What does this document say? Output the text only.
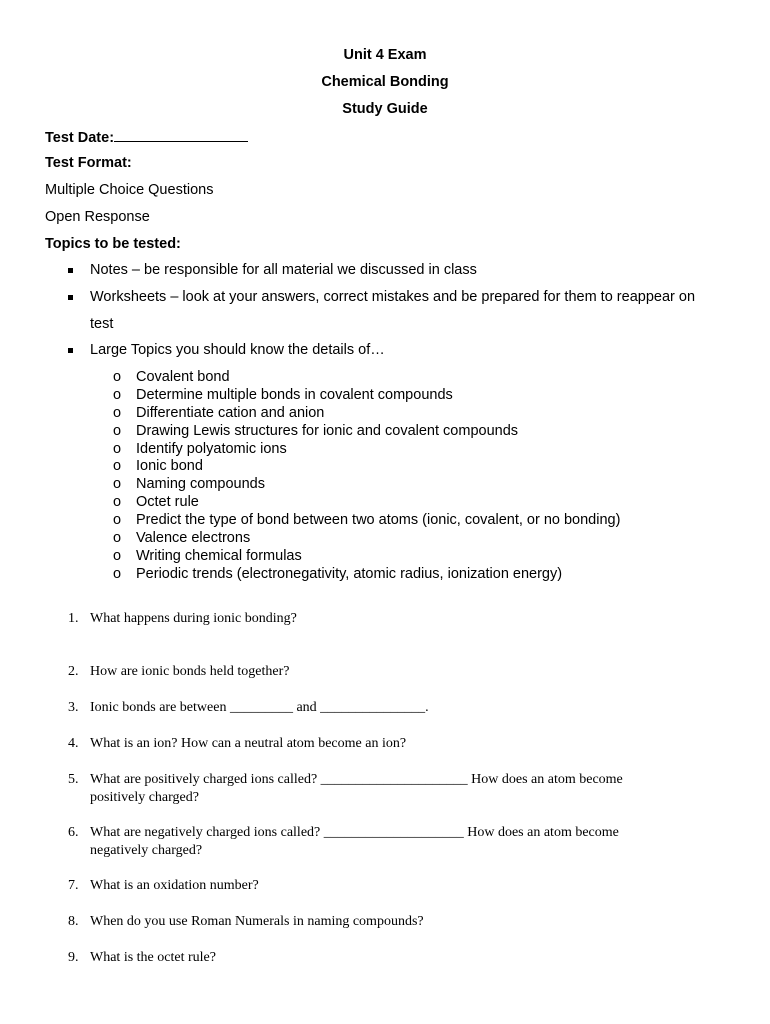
Unit 4 Exam
Chemical Bonding
Study Guide
Test Date:
Test Format:
Multiple Choice Questions
Open Response
Topics to be tested:
Notes – be responsible for all material we discussed in class
Worksheets – look at your answers, correct mistakes and be prepared for them to reappear on
test
Large Topics you should know the details of…
o Covalent bond
o Determine multiple bonds in covalent compounds
o Differentiate cation and anion
o Drawing Lewis structures for ionic and covalent compounds
o Identify polyatomic ions
o Ionic bond
o Naming compounds
o Octet rule
o Predict the type of bond between two atoms (ionic, covalent, or no bonding)
o Valence electrons
o Writing chemical formulas
o Periodic trends (electronegativity, atomic radius, ionization energy)
1. What happens during ionic bonding?
2. How are ionic bonds held together?
3. Ionic bonds are between _________ and _______________.
4. What is an ion? How can a neutral atom become an ion?
5. What are positively charged ions called? _____________________ How does an atom become positively charged?
6. What are negatively charged ions called? ____________________ How does an atom become negatively charged?
7. What is an oxidation number?
8. When do you use Roman Numerals in naming compounds?
9. What is the octet rule?
